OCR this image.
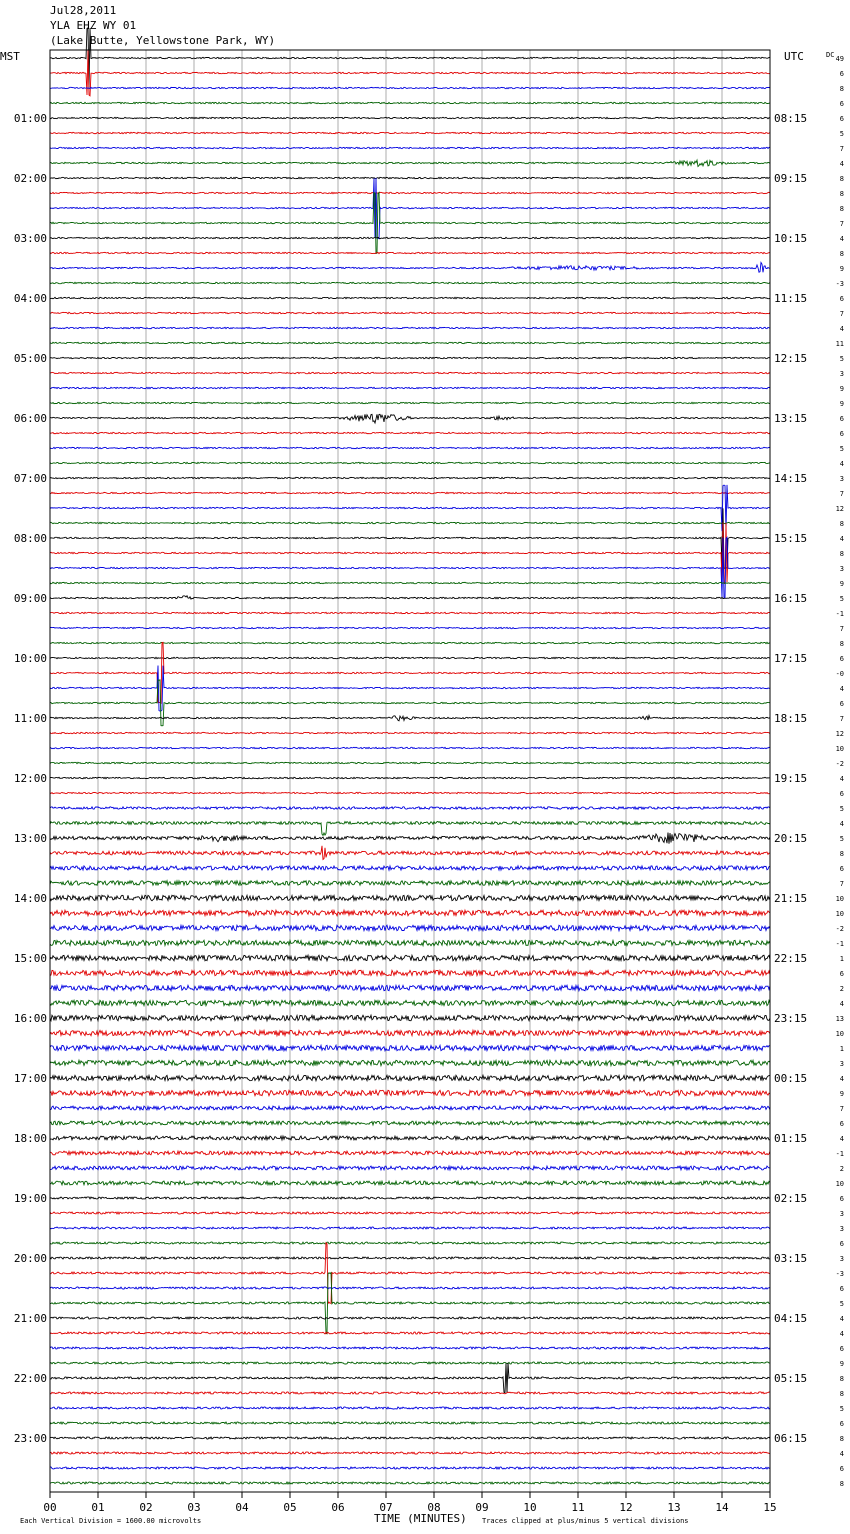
Jul28,2011
YLA EHZ WY 01
(Lake Butte, Yellowstone Park, WY)
MST	UTC	DC
TIME (MINUTES)
Each Vertical Division = 1600.00 microvolts	Traces clipped at plus/minus 5 vertical divisions
00	01	02	03	04	05	06	07	08	09	10	11	12	13	14	15
49
6
8
6
6
5
7
4
8
8
8
7
4
8
9
-3
6
7
4
11
5
3
9
9
6
6
5
4
3
7
12
8
4
8
3
9
5
-1
7
8
6
-0
4
6
7
12
10
-2
4
6
5
4
5
8
6
7
10
10
-2
-1
1
6
2
4
13
10
1
3
4
9
7
6
4
-1
2
10
6
3
3
6
3
-3
6
5
4
4
6
9
8
8
5
6
8
4
6
8
01:00
02:00
03:00
04:00
05:00
06:00
07:00
08:00
09:00
10:00
11:00
12:00
13:00
14:00
15:00
16:00
17:00
18:00
19:00
20:00
21:00
22:00
23:00
08:15
09:15
10:15
11:15
12:15
13:15
14:15
15:15
16:15
17:15
18:15
19:15
20:15
21:15
22:15
23:15
00:15
01:15
02:15
03:15
04:15
05:15
06:15
